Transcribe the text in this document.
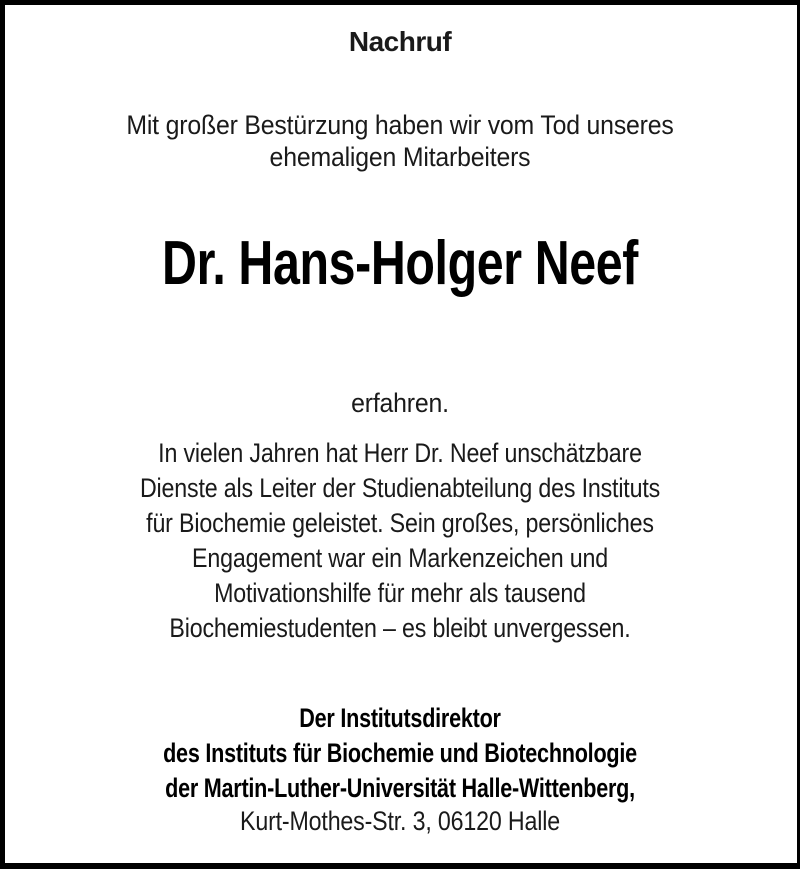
Nachruf
Mit großer Bestürzung haben wir vom Tod unseres
ehemaligen Mitarbeiters
Dr. Hans-Holger Neef
erfahren.
In vielen Jahren hat Herr Dr. Neef unschätzbare
Dienste als Leiter der Studienabteilung des Instituts
für Biochemie geleistet. Sein großes, persönliches
Engagement war ein Markenzeichen und
Motivationshilfe für mehr als tausend
Biochemiestudenten – es bleibt unvergessen.
Der Institutsdirektor
des Instituts für Biochemie und Biotechnologie
der Martin-Luther-Universität Halle-Wittenberg,
Kurt-Mothes-Str. 3, 06120 Halle
